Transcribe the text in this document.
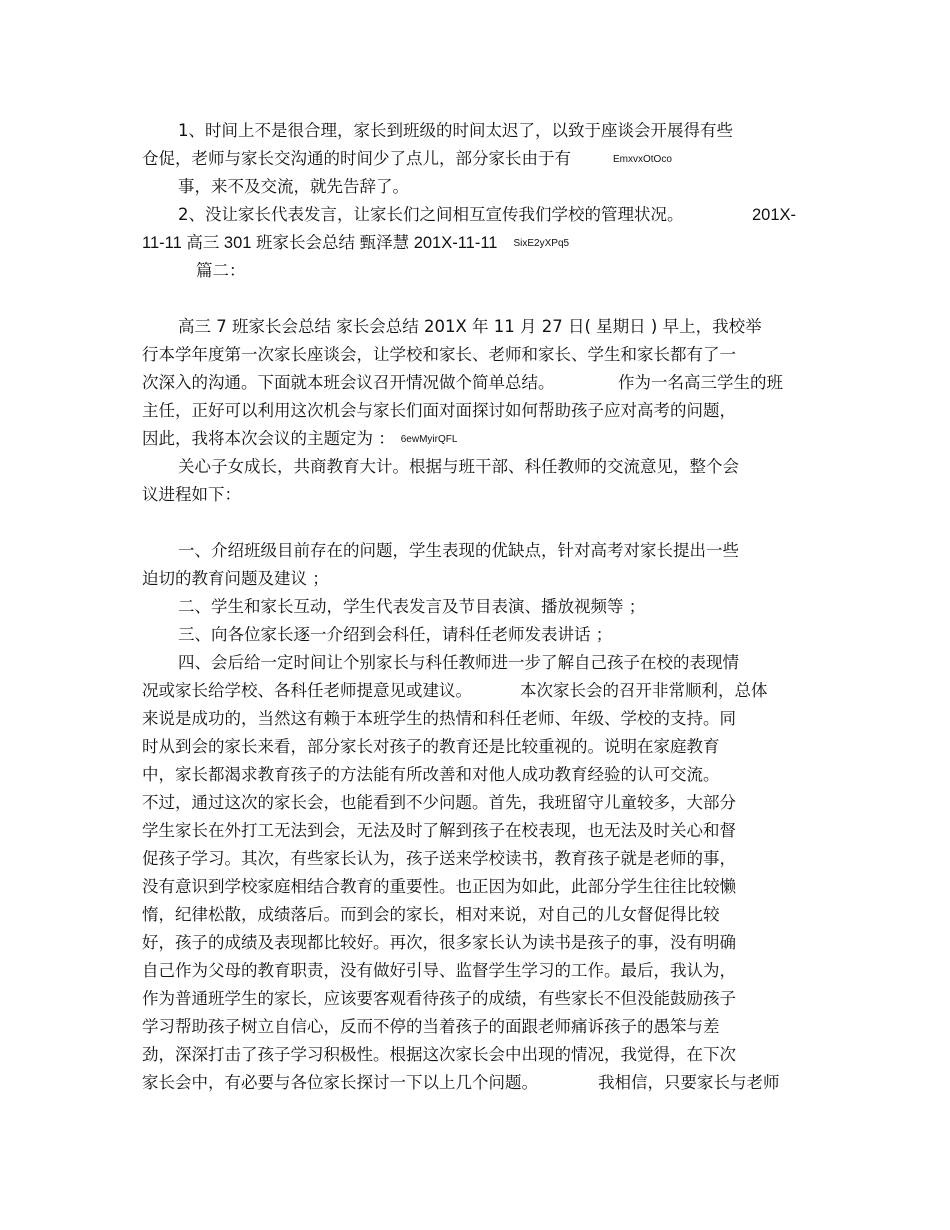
1、时间上不是很合理，家长到班级的时间太迟了，以致于座谈会开展得有些
仓促，老师与家长交沟通的时间少了点儿，部分家长由于有	EmxvxOtOco
事，来不及交流，就先告辞了。
2、没让家长代表发言，让家长们之间相互宣传我们学校的管理状况。	201X-
11-11 高三 301 班家长会总结 甄泽慧 201X-11-11 SixE2yXPq5
篇二：
高三 7 班家长会总结 家长会总结 201X 年 11 月 27 日( 星期日 ) 早上，我校举
行本学年度第一次家长座谈会，让学校和家长、老师和家长、学生和家长都有了一
次深入的沟通。下面就本班会议召开情况做个简单总结。	作为一名高三学生的班
主任，正好可以利用这次机会与家长们面对面探讨如何帮助孩子应对高考的问题，
因此，我将本次会议的主题定为 ： 6ewMyirQFL
关心子女成长，共商教育大计。根据与班干部、科任教师的交流意见，整个会
议进程如下：
一、介绍班级目前存在的问题，学生表现的优缺点，针对高考对家长提出一些
迫切的教育问题及建议 ；
二、学生和家长互动，学生代表发言及节目表演、播放视频等 ；
三、向各位家长逐一介绍到会科任，请科任老师发表讲话 ；
四、会后给一定时间让个别家长与科任教师进一步了解自己孩子在校的表现情
况或家长给学校、各科任老师提意见或建议。	本次家长会的召开非常顺利，总体
来说是成功的，当然这有赖于本班学生的热情和科任老师、年级、学校的支持。同
时从到会的家长来看，部分家长对孩子的教育还是比较重视的。说明在家庭教育
中，家长都渴求教育孩子的方法能有所改善和对他人成功教育经验的认可交流。
不过，通过这次的家长会，也能看到不少问题。首先，我班留守儿童较多，大部分
学生家长在外打工无法到会，无法及时了解到孩子在校表现，也无法及时关心和督
促孩子学习。其次，有些家长认为，孩子送来学校读书，教育孩子就是老师的事，
没有意识到学校家庭相结合教育的重要性。也正因为如此，此部分学生往往比较懒
惰，纪律松散，成绩落后。而到会的家长，相对来说，对自己的儿女督促得比较
好，孩子的成绩及表现都比较好。再次，很多家长认为读书是孩子的事，没有明确
自己作为父母的教育职责，没有做好引导、监督学生学习的工作。最后，我认为，
作为普通班学生的家长，应该要客观看待孩子的成绩，有些家长不但没能鼓励孩子
学习帮助孩子树立自信心，反而不停的当着孩子的面跟老师痛诉孩子的愚笨与差
劲，深深打击了孩子学习积极性。根据这次家长会中出现的情况，我觉得，在下次
家长会中，有必要与各位家长探讨一下以上几个问题。	我相信，只要家长与老师
